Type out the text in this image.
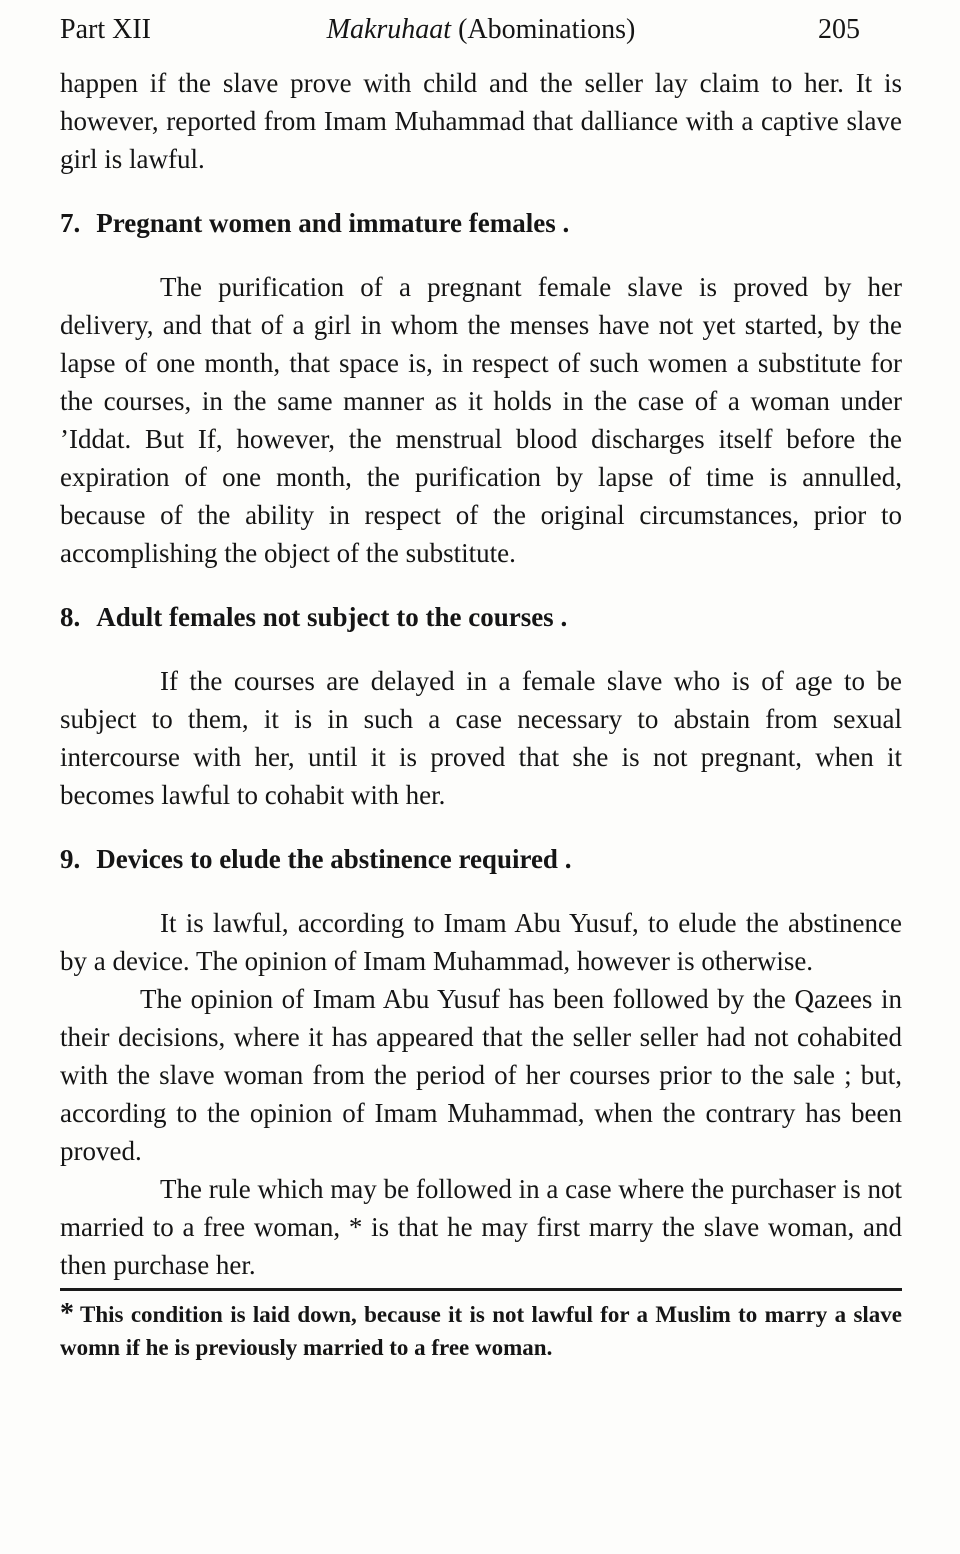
Part XII	Makruhaat (Abominations)	205

happen if the slave prove with child and the seller lay claim to her. It is however, reported from Imam Muhammad that dalliance with a captive slave girl is lawful.

7. Pregnant women and immature females .

The purification of a pregnant female slave is proved by her delivery, and that of a girl in whom the menses have not yet started, by the lapse of one month, that space is, in respect of such women a substitute for the courses, in the same manner as it holds in the case of a woman under ’Iddat. But If, however, the menstrual blood discharges itself before the expiration of one month, the purification by lapse of time is annulled, because of the ability in respect of the original circumstances, prior to accomplishing the object of the substitute.

8. Adult females not subject to the courses .

If the courses are delayed in a female slave who is of age to be subject to them, it is in such a case necessary to abstain from sexual intercourse with her, until it is proved that she is not pregnant, when it becomes lawful to cohabit with her.

9. Devices to elude the abstinence required .

It is lawful, according to Imam Abu Yusuf, to elude the abstinence by a device. The opinion of Imam Muhammad, however is otherwise.

The opinion of Imam Abu Yusuf has been followed by the Qazees in their decisions, where it has appeared that the seller seller had not cohabited with the slave woman from the period of her courses prior to the sale ; but, according to the opinion of Imam Muhammad, when the contrary has been proved.

The rule which may be followed in a case where the purchaser is not married to a free woman, * is that he may first marry the slave woman, and then purchase her.

* This condition is laid down, because it is not lawful for a Muslim to marry a slave womn if he is previously married to a free woman.
